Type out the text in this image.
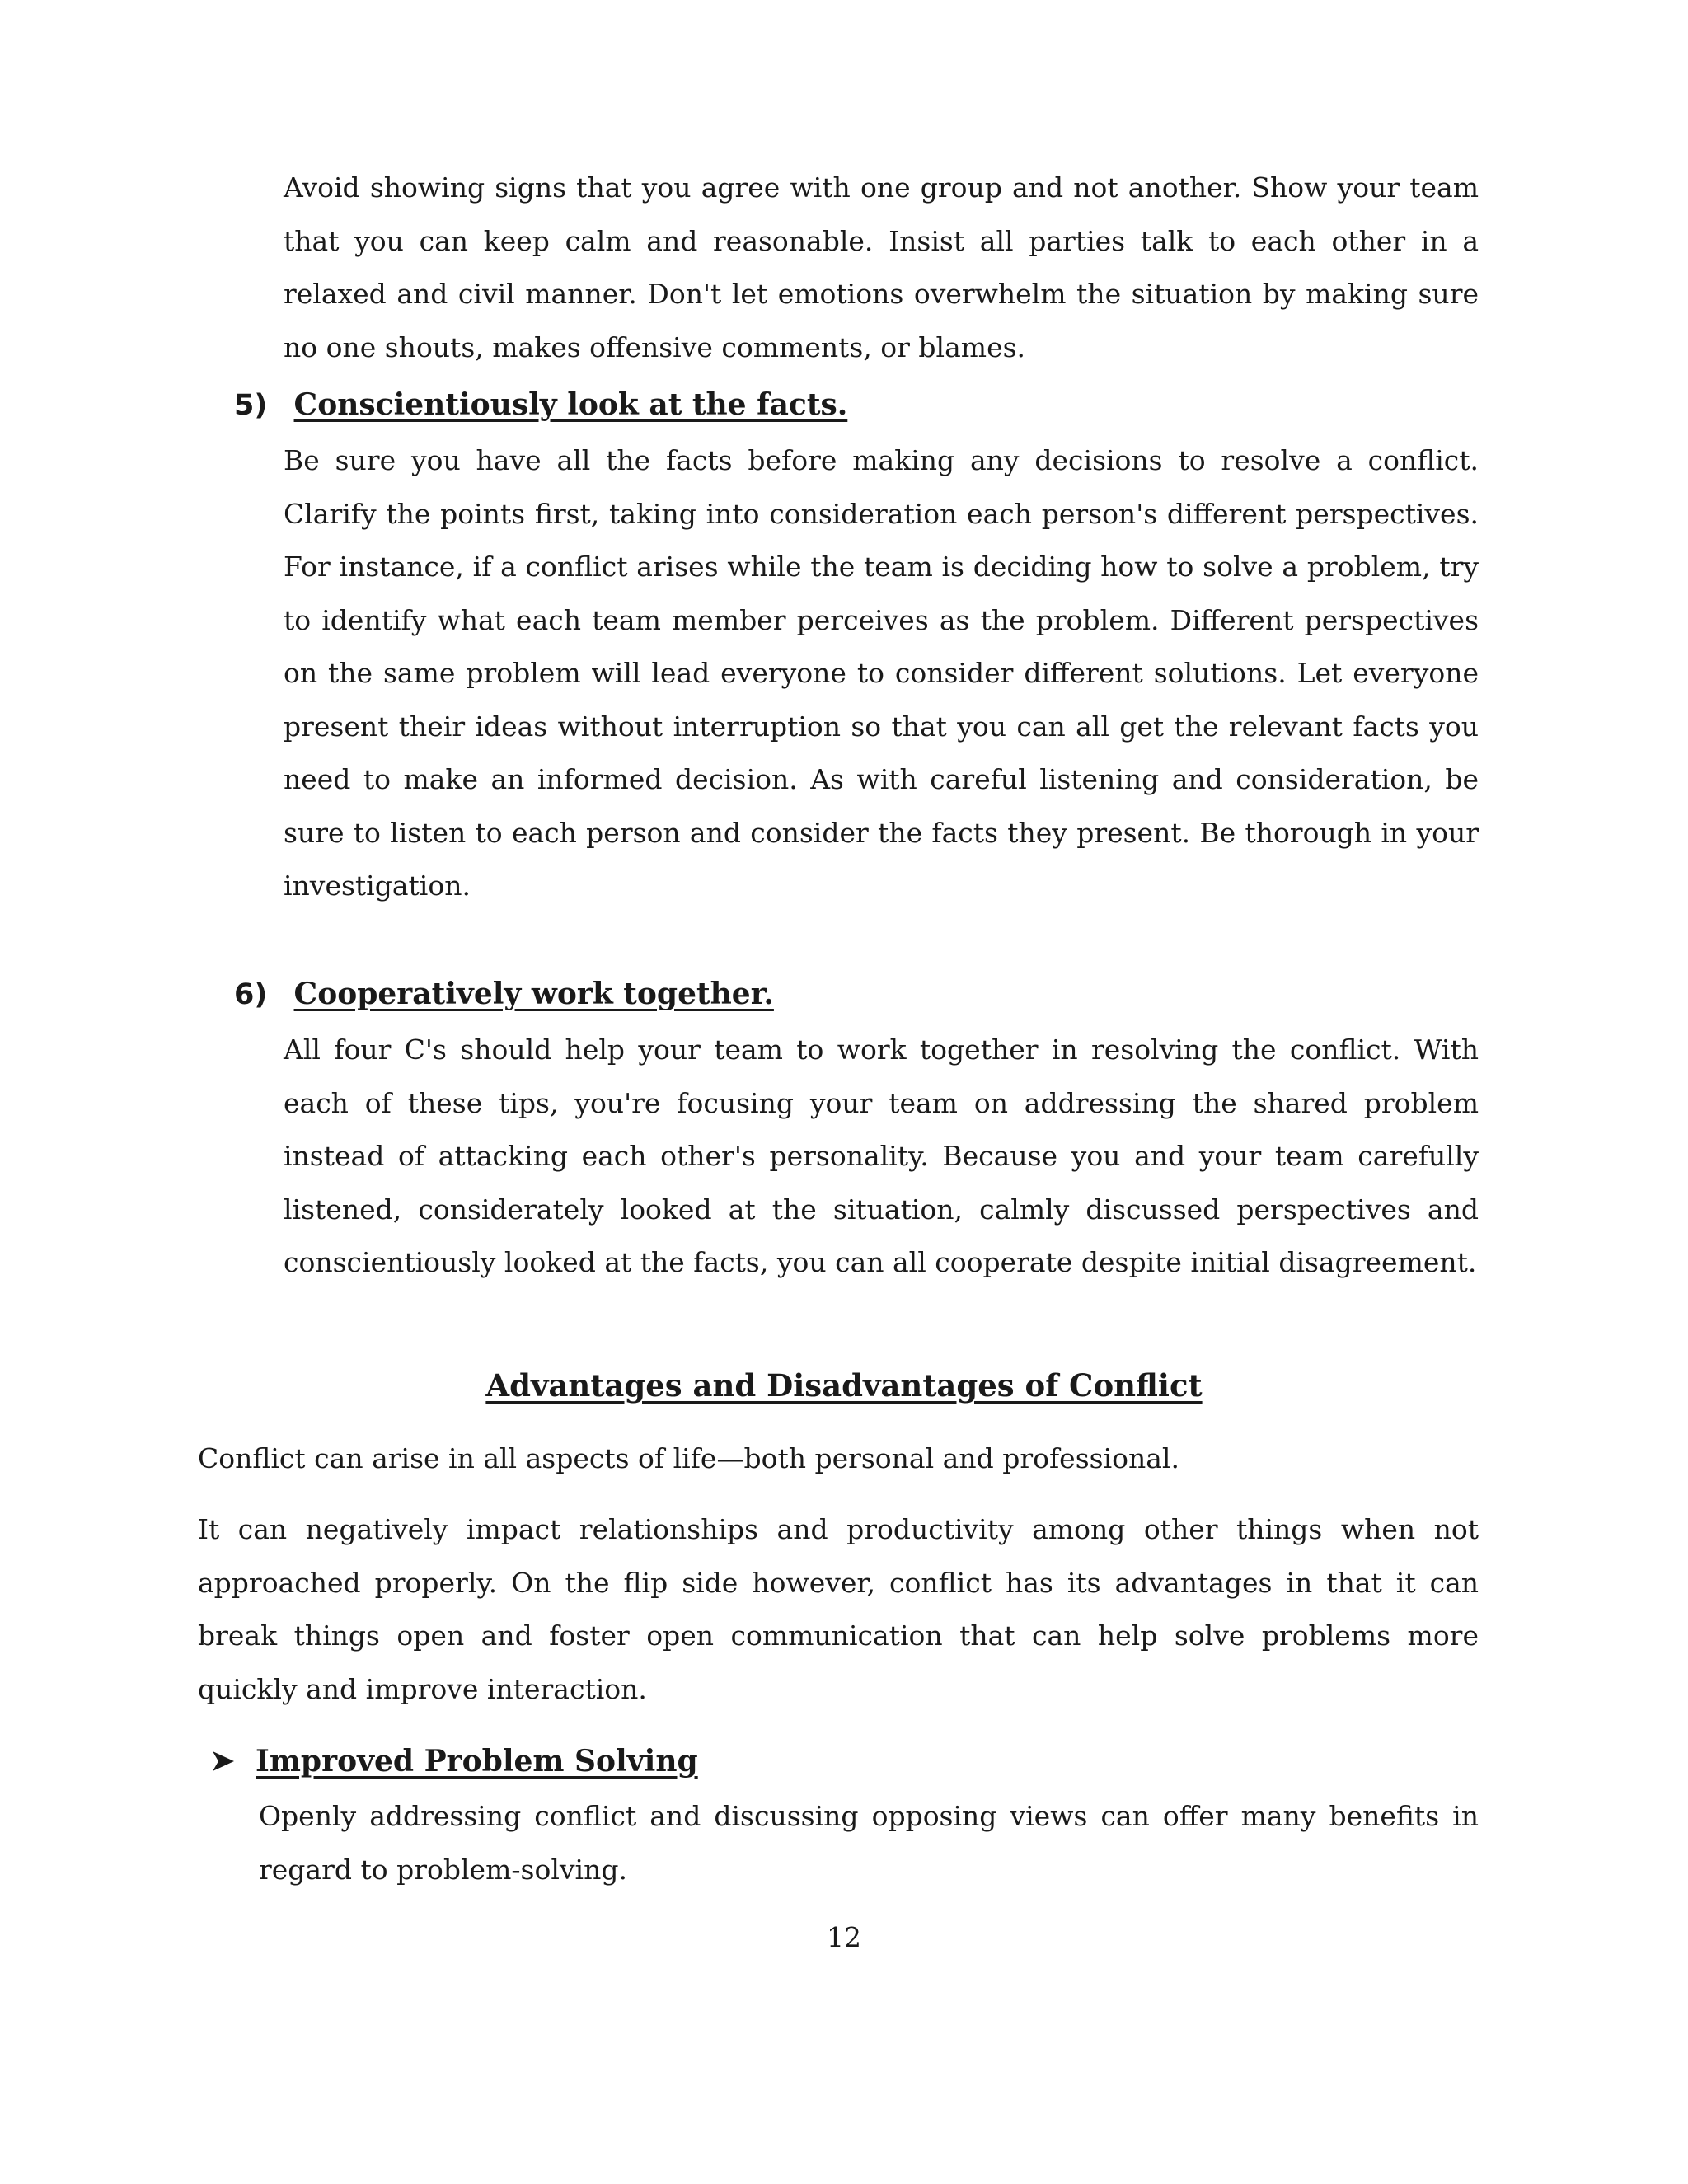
Avoid showing signs that you agree with one group and not another. Show your team that you can keep calm and reasonable. Insist all parties talk to each other in a relaxed and civil manner. Don't let emotions overwhelm the situation by making sure no one shouts, makes offensive comments, or blames.

5) Conscientiously look at the facts.

Be sure you have all the facts before making any decisions to resolve a conflict. Clarify the points first, taking into consideration each person's different perspectives. For instance, if a conflict arises while the team is deciding how to solve a problem, try to identify what each team member perceives as the problem. Different perspectives on the same problem will lead everyone to consider different solutions. Let everyone present their ideas without interruption so that you can all get the relevant facts you need to make an informed decision. As with careful listening and consideration, be sure to listen to each person and consider the facts they present. Be thorough in your investigation.

6) Cooperatively work together.

All four C's should help your team to work together in resolving the conflict. With each of these tips, you're focusing your team on addressing the shared problem instead of attacking each other's personality. Because you and your team carefully listened, considerately looked at the situation, calmly discussed perspectives and conscientiously looked at the facts, you can all cooperate despite initial disagreement.

Advantages and Disadvantages of Conflict

Conflict can arise in all aspects of life—both personal and professional.

It can negatively impact relationships and productivity among other things when not approached properly. On the flip side however, conflict has its advantages in that it can break things open and foster open communication that can help solve problems more quickly and improve interaction.

Improved Problem Solving

Openly addressing conflict and discussing opposing views can offer many benefits in regard to problem-solving.

12
